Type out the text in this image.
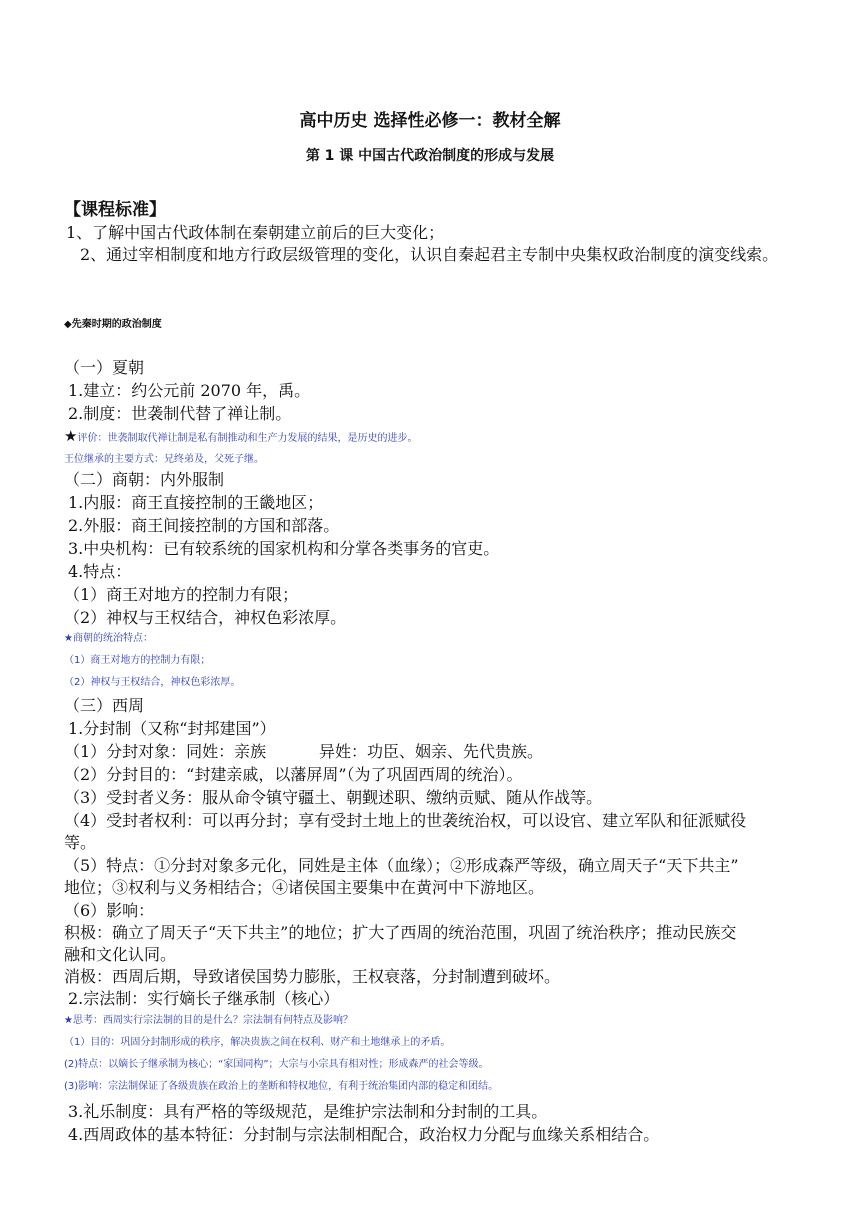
高中历史 选择性必修一：教材全解
第 1 课 中国古代政治制度的形成与发展
【课程标准】
1、了解中国古代政体制在秦朝建立前后的巨大变化；
2、通过宰相制度和地方行政层级管理的变化，认识自秦起君主专制中央集权政治制度的演变线索。
◆先秦时期的政治制度
（一）夏朝
1.建立：约公元前 2070 年，禹。
2.制度：世袭制代替了禅让制。
★评价：世袭制取代禅让制是私有制推动和生产力发展的结果，是历史的进步。
王位继承的主要方式：兄终弟及，父死子继。
（二）商朝：内外服制
1.内服：商王直接控制的王畿地区；
2.外服：商王间接控制的方国和部落。
3.中央机构：已有较系统的国家机构和分掌各类事务的官吏。
4.特点：
（1）商王对地方的控制力有限；
（2）神权与王权结合，神权色彩浓厚。
★商朝的统治特点：
（1）商王对地方的控制力有限；
（2）神权与王权结合，神权色彩浓厚。
（三）西周
1.分封制（又称“封邦建国”）
（1）分封对象：同姓：亲族	异姓：功臣、姻亲、先代贵族。
（2）分封目的：“封建亲戚，以藩屏周”（为了巩固西周的统治）。
（3）受封者义务：服从命令镇守疆土、朝觐述职、缴纳贡赋、随从作战等。
（4）受封者权利：可以再分封；享有受封土地上的世袭统治权，可以设官、建立军队和征派赋役
等。
（5）特点：①分封对象多元化，同姓是主体（血缘）；②形成森严等级，确立周天子“天下共主”
地位；③权利与义务相结合；④诸侯国主要集中在黄河中下游地区。
（6）影响：
积极：确立了周天子“天下共主”的地位；扩大了西周的统治范围，巩固了统治秩序；推动民族交
融和文化认同。
消极：西周后期，导致诸侯国势力膨胀，王权衰落，分封制遭到破坏。
2.宗法制：实行嫡长子继承制（核心）
★思考：西周实行宗法制的目的是什么？宗法制有何特点及影响？
（1）目的：巩固分封制形成的秩序，解决贵族之间在权利、财产和土地继承上的矛盾。
(2)特点：以嫡长子继承制为核心；“家国同构”；大宗与小宗具有相对性；形成森严的社会等级。
(3)影响：宗法制保证了各级贵族在政治上的垄断和特权地位，有利于统治集团内部的稳定和团结。
3.礼乐制度：具有严格的等级规范，是维护宗法制和分封制的工具。
4.西周政体的基本特征：分封制与宗法制相配合，政治权力分配与血缘关系相结合。
